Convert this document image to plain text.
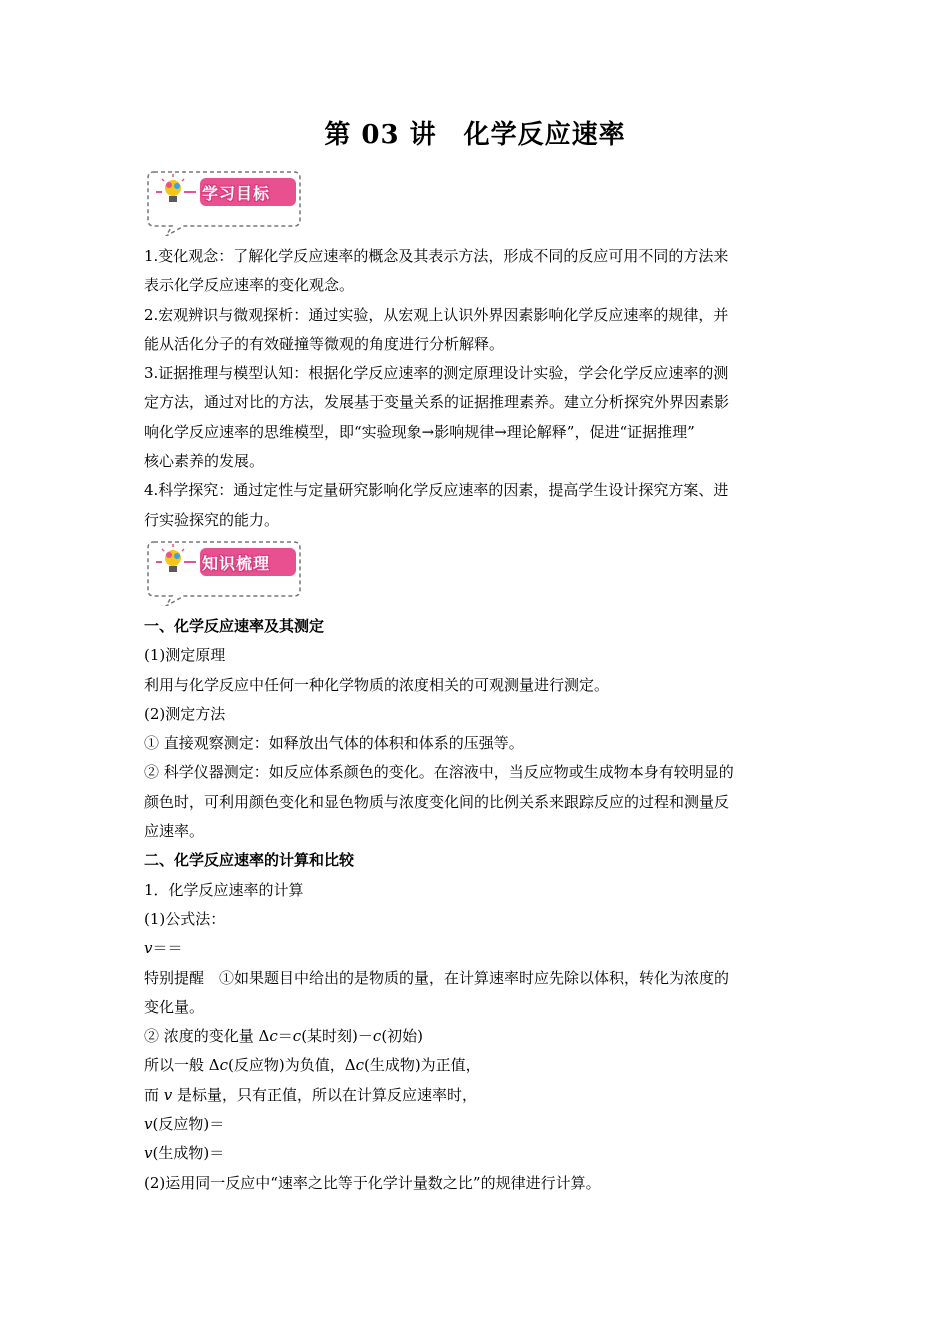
第 03 讲　化学反应速率
学习目标

1.变化观念：了解化学反应速率的概念及其表示方法，形成不同的反应可用不同的方法来

表示化学反应速率的变化观念。

2.宏观辨识与微观探析：通过实验，从宏观上认识外界因素影响化学反应速率的规律，并

能从活化分子的有效碰撞等微观的角度进行分析解释。

3.证据推理与模型认知：根据化学反应速率的测定原理设计实验，学会化学反应速率的测

定方法，通过对比的方法，发展基于变量关系的证据推理素养。建立分析探究外界因素影

响化学反应速率的思维模型，即“实验现象→影响规律→理论解释”，促进“证据推理”

核心素养的发展。

4.科学探究：通过定性与定量研究影响化学反应速率的因素，提高学生设计探究方案、进

行实验探究的能力。

知识梳理

一、化学反应速率及其测定

(1)测定原理

利用与化学反应中任何一种化学物质的浓度相关的可观测量进行测定。

(2)测定方法

① 直接观察测定：如释放出气体的体积和体系的压强等。

② 科学仪器测定：如反应体系颜色的变化。在溶液中，当反应物或生成物本身有较明显的

颜色时，可利用颜色变化和显色物质与浓度变化间的比例关系来跟踪反应的过程和测量反

应速率。

二、化学反应速率的计算和比较

1．化学反应速率的计算

(1)公式法：

v＝＝

特别提醒　①如果题目中给出的是物质的量，在计算速率时应先除以体积，转化为浓度的

变化量。

② 浓度的变化量 Δc＝c(某时刻)－c(初始)

所以一般 Δc(反应物)为负值，Δc(生成物)为正值，

而 v 是标量，只有正值，所以在计算反应速率时，

v(反应物)＝

v(生成物)＝

(2)运用同一反应中“速率之比等于化学计量数之比”的规律进行计算。
